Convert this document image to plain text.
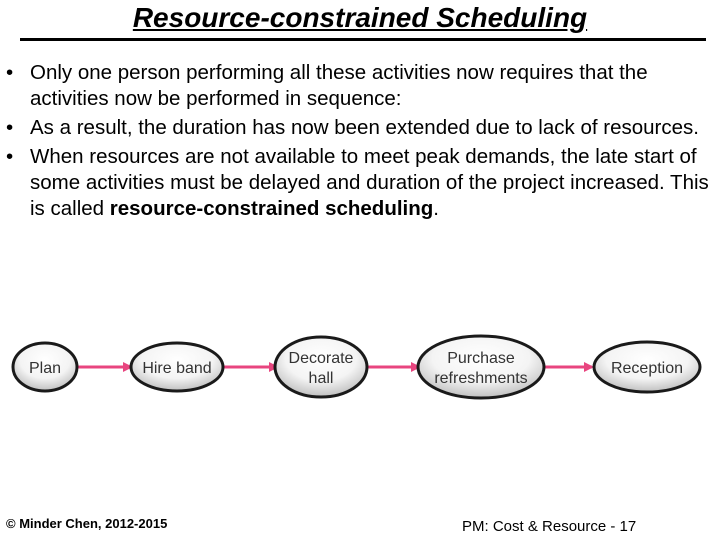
Resource-constrained Scheduling
• Only one person performing all these activities now requires that the activities now be performed in sequence:
• As a result, the duration has now been extended due to lack of resources.
• When resources are not available to meet peak demands, the late start of some activities must be delayed and duration of the project increased. This is called resource-constrained scheduling.
Plan	Hire band
Decorate
hall
Purchase
refreshments
Reception
© Minder Chen, 2012-2015	PM: Cost & Resource - 17
